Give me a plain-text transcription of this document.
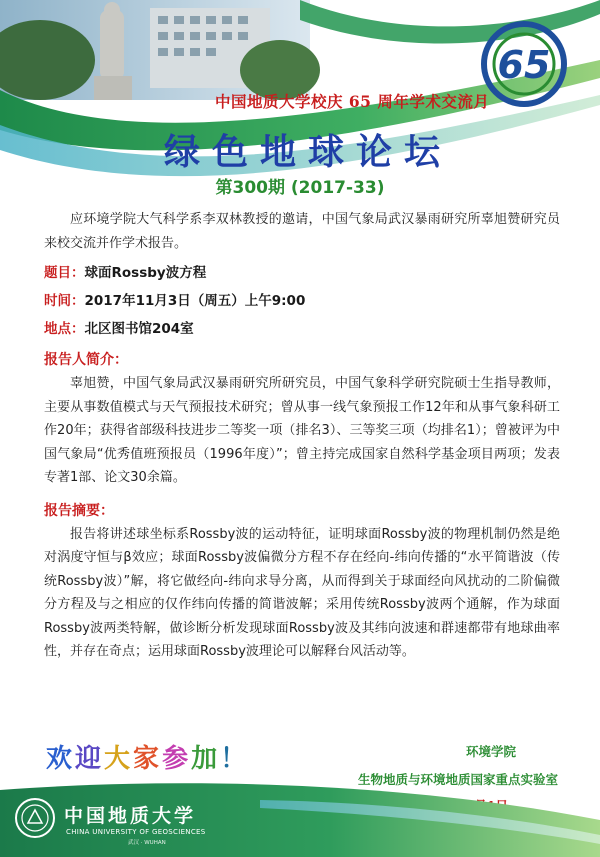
65
中国地质大学校庆 65 周年学术交流月
绿色地球论坛
第300期 (2017-33)

应环境学院大气科学系李双林教授的邀请，中国气象局武汉暴雨研究所辜旭赞研究员来校交流并作学术报告。

题目：球面Rossby波方程
时间：2017年11月3日（周五）上午9:00
地点：北区图书馆204室
报告人简介：

辜旭赞，中国气象局武汉暴雨研究所研究员，中国气象科学研究院硕士生指导教师，主要从事数值模式与天气预报技术研究；曾从事一线气象预报工作12年和从事气象科研工作20年；获得省部级科技进步二等奖一项（排名3）、三等奖三项（均排名1）；曾被评为中国气象局“优秀值班预报员（1996年度）”；曾主持完成国家自然科学基金项目两项；发表专著1部、论文30余篇。

报告摘要：

报告将讲述球坐标系Rossby波的运动特征，证明球面Rossby波的物理机制仍然是绝对涡度守恒与β效应；球面Rossby波偏微分方程不存在经向-纬向传播的“水平简谐波（传统Rossby波）”解，将它做经向-纬向求导分离，从而得到关于球面经向风扰动的二阶偏微分方程及与之相应的仅作纬向传播的简谐波解；采用传统Rossby波两个通解，作为球面Rossby波两类特解，做诊断分析发现球面Rossby波及其纬向波速和群速都带有地球曲率性，并存在奇点；运用球面Rossby波理论可以解释台风活动等。

欢迎大家参加！	环境学院
生物地质与环境地质国家重点实验室
中国地质大学
CHINA UNIVERSITY OF GEOSCIENCES
武汉 · WUHAN
